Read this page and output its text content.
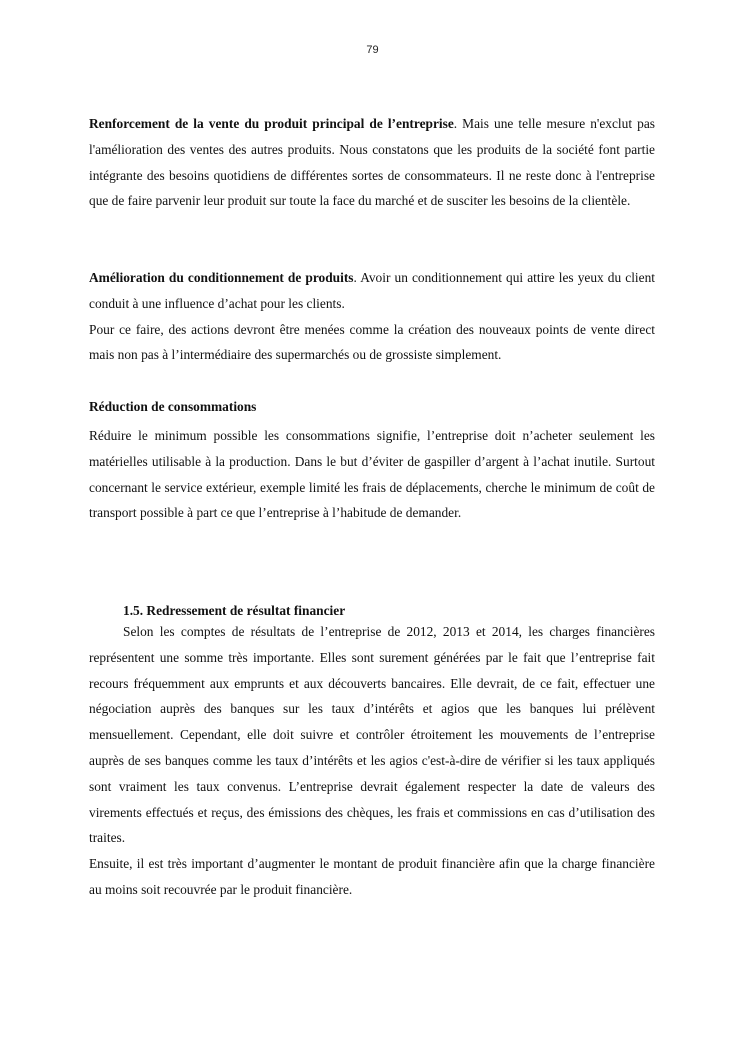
79

Renforcement de la vente du produit principal de l’entreprise. Mais une telle mesure n'exclut pas l'amélioration des ventes des autres produits. Nous constatons que les produits de la société font partie intégrante des besoins quotidiens de différentes sortes de consommateurs. Il ne reste donc à l'entreprise que de faire parvenir leur produit sur toute la face du marché et de susciter les besoins de la clientèle.

Amélioration du conditionnement de produits. Avoir un conditionnement qui attire les yeux du client conduit à une influence d’achat pour les clients.

Pour ce faire, des actions devront être menées comme la création des nouveaux points de vente direct mais non pas à l’intermédiaire des supermarchés ou de grossiste simplement.

Réduction de consommations

Réduire le minimum possible les consommations signifie, l’entreprise doit n’acheter seulement les matérielles utilisable à la production. Dans le but d’éviter de gaspiller d’argent à l’achat inutile. Surtout concernant le service extérieur, exemple limité les frais de déplacements, cherche le minimum de coût de transport possible à part ce que l’entreprise à l’habitude de demander.

1.5. Redressement de résultat financier

Selon les comptes de résultats de l’entreprise de 2012, 2013 et 2014, les charges financières représentent une somme très importante. Elles sont surement générées par le fait que l’entreprise fait recours fréquemment aux emprunts et aux découverts bancaires. Elle devrait, de ce fait, effectuer une négociation auprès des banques sur les taux d’intérêts et agios que les banques lui prélèvent mensuellement. Cependant, elle doit suivre et contrôler étroitement les mouvements de l’entreprise auprès de ses banques comme les taux d’intérêts et les agios c'est-à-dire de vérifier si les taux appliqués sont vraiment les taux convenus. L’entreprise devrait également respecter la date de valeurs des virements effectués et reçus, des émissions des chèques, les frais et commissions en cas d’utilisation des traites.

Ensuite, il est très important d’augmenter le montant de produit financière afin que la charge financière au moins soit recouvrée par le produit financière.
